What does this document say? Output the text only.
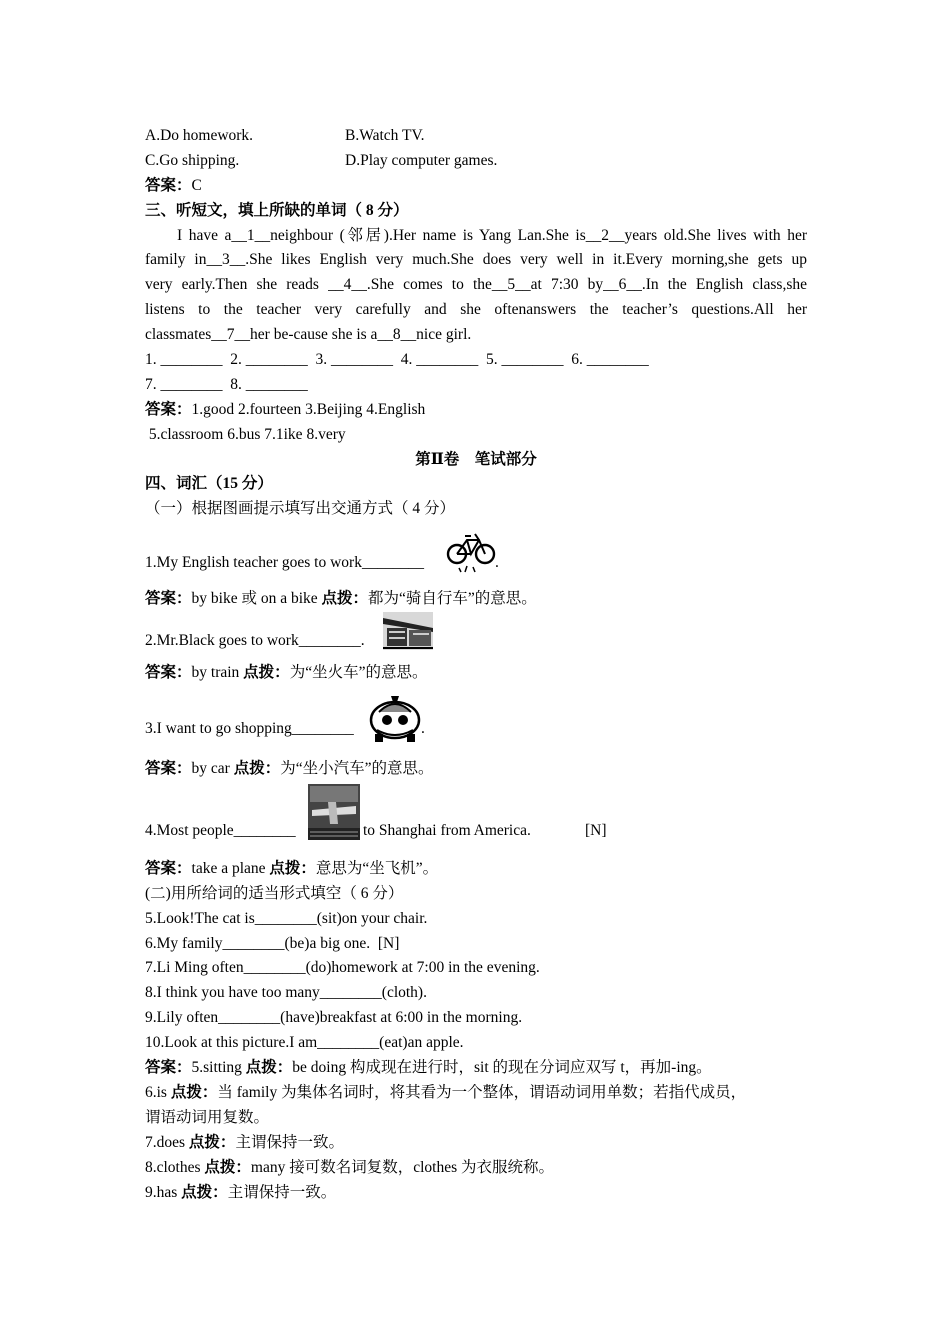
A.Do homework.	B.Watch TV.
C.Go shipping.	D.Play computer games.
答案：C
三、听短文，填上所缺的单词（ 8 分）
I have a__1__neighbour (邻居).Her name is Yang Lan.She is__2__years old.She lives with her
family in__3__.She likes English very much.She does very well in it.Every morning,she gets up
very early.Then she reads __4__.She comes to the__5__at 7:30 by__6__.In the English class,she
listens to the teacher very carefully and she oftenanswers the teacher’s questions.All her
classmates__7__her be-cause she is a__8__nice girl.
1. ________  2. ________  3. ________  4. ________  5. ________  6. ________
7. ________  8. ________
答案：1.good 2.fourteen 3.Beijing 4.English
5.classroom 6.bus 7.1ike 8.very
第Ⅱ卷　笔试部分
四、词汇（15 分）
（一）根据图画提示填写出交通方式（ 4 分）
1.My English teacher goes to work________	.
答案：by bike 或 on a bike 点拨：都为“骑自行车”的意思。
2.Mr.Black goes to work________.
答案：by train 点拨：为“坐火车”的意思。
3.I want to go shopping________	.
答案：by car 点拨：为“坐小汽车”的意思。
4.Most people________	to Shanghai from America.	[N]
答案：take a plane 点拨：意思为“坐飞机”。
(二)用所给词的适当形式填空（ 6 分）
5.Look!The cat is________(sit)on your chair.
6.My family________(be)a big one.  [N]
7.Li Ming often________(do)homework at 7:00 in the evening.
8.I think you have too many________(cloth).
9.Lily often________(have)breakfast at 6:00 in the morning.
10.Look at this picture.I am________(eat)an apple.
答案：5.sitting 点拨：be doing 构成现在进行时，sit 的现在分词应双写 t，再加-ing。
6.is 点拨：当 family 为集体名词时，将其看为一个整体，谓语动词用单数；若指代成员，
谓语动词用复数。
7.does 点拨：主谓保持一致。
8.clothes 点拨：many 接可数名词复数，clothes 为衣服统称。
9.has 点拨：主谓保持一致。
